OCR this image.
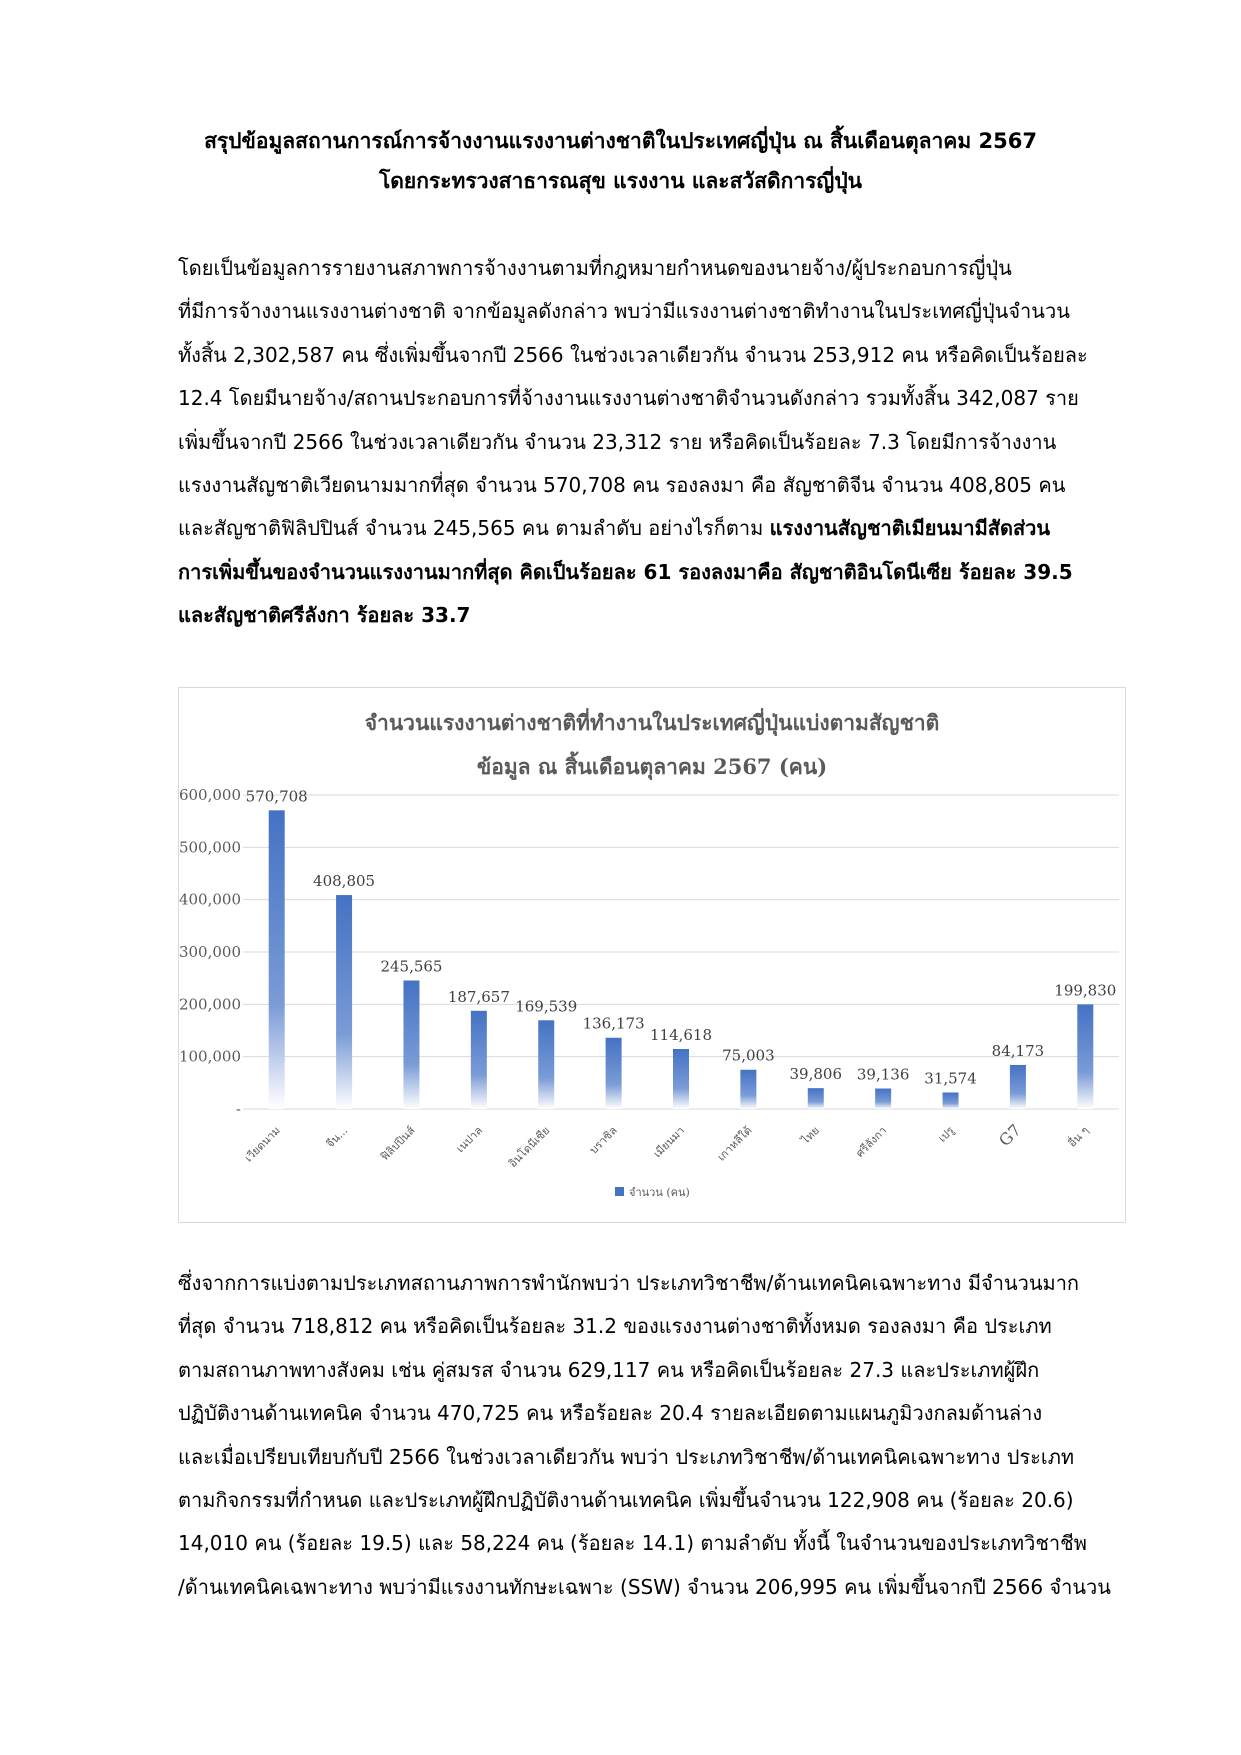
สรุปข้อมูลสถานการณ์การจ้างงานแรงงานต่างชาติในประเทศญี่ปุ่น ณ สิ้นเดือนตุลาคม 2567
โดยกระทรวงสาธารณสุข แรงงาน และสวัสดิการญี่ปุ่น
โดยเป็นข้อมูลการรายงานสภาพการจ้างงานตามที่กฎหมายกำหนดของนายจ้าง/ผู้ประกอบการญี่ปุ่น
ที่มีการจ้างงานแรงงานต่างชาติ จากข้อมูลดังกล่าว พบว่ามีแรงงานต่างชาติทำงานในประเทศญี่ปุ่นจำนวน
ทั้งสิ้น 2,302,587 คน ซึ่งเพิ่มขึ้นจากปี 2566 ในช่วงเวลาเดียวกัน จำนวน 253,912 คน หรือคิดเป็นร้อยละ
12.4 โดยมีนายจ้าง/สถานประกอบการที่จ้างงานแรงงานต่างชาติจำนวนดังกล่าว รวมทั้งสิ้น 342,087 ราย
เพิ่มขึ้นจากปี 2566 ในช่วงเวลาเดียวกัน จำนวน 23,312 ราย หรือคิดเป็นร้อยละ 7.3 โดยมีการจ้างงาน
แรงงานสัญชาติเวียดนามมากที่สุด จำนวน 570,708 คน รองลงมา คือ สัญชาติจีน จำนวน 408,805 คน
และสัญชาติฟิลิปปินส์ จำนวน 245,565 คน ตามลำดับ อย่างไรก็ตาม แรงงานสัญชาติเมียนมามีสัดส่วน
การเพิ่มขึ้นของจำนวนแรงงานมากที่สุด คิดเป็นร้อยละ 61 รองลงมาคือ สัญชาติอินโดนีเซีย ร้อยละ 39.5
และสัญชาติศรีลังกา ร้อยละ 33.7
จำนวนแรงงานต่างชาติที่ทำงานในประเทศญี่ปุ่นแบ่งตามสัญชาติ
ข้อมูล ณ สิ้นเดือนตุลาคม 2567 (คน)
-
100,000
200,000
300,000
400,000
500,000
600,000 570,708
408,805
245,565
187,657
169,539
136,173
114,618
75,003
39,806 39,136 31,574
84,173
199,830
เวียดนาม	จีน...	ฟิลิปปินส์	เนปาล อินโดนีเซีย	บราซิล	เมียนมา	เกาหลีใต้	ไทย	ศรีลังกา	เปรู G7	อื่น ๆ
จำนวน (คน)
ซึ่งจากการแบ่งตามประเภทสถานภาพการพำนักพบว่า ประเภทวิชาชีพ/ด้านเทคนิคเฉพาะทาง มีจำนวนมาก
ที่สุด จำนวน 718,812 คน หรือคิดเป็นร้อยละ 31.2 ของแรงงานต่างชาติทั้งหมด รองลงมา คือ ประเภท
ตามสถานภาพทางสังคม เช่น คู่สมรส จำนวน 629,117 คน หรือคิดเป็นร้อยละ 27.3 และประเภทผู้ฝึก
ปฏิบัติงานด้านเทคนิค จำนวน 470,725 คน หรือร้อยละ 20.4 รายละเอียดตามแผนภูมิวงกลมด้านล่าง
และเมื่อเปรียบเทียบกับปี 2566 ในช่วงเวลาเดียวกัน พบว่า ประเภทวิชาชีพ/ด้านเทคนิคเฉพาะทาง ประเภท
ตามกิจกรรมที่กำหนด และประเภทผู้ฝึกปฏิบัติงานด้านเทคนิค เพิ่มขึ้นจำนวน 122,908 คน (ร้อยละ 20.6)
14,010 คน (ร้อยละ 19.5) และ 58,224 คน (ร้อยละ 14.1) ตามลำดับ ทั้งนี้ ในจำนวนของประเภทวิชาชีพ
/ด้านเทคนิคเฉพาะทาง พบว่ามีแรงงานทักษะเฉพาะ (SSW) จำนวน 206,995 คน เพิ่มขึ้นจากปี 2566 จำนวน
